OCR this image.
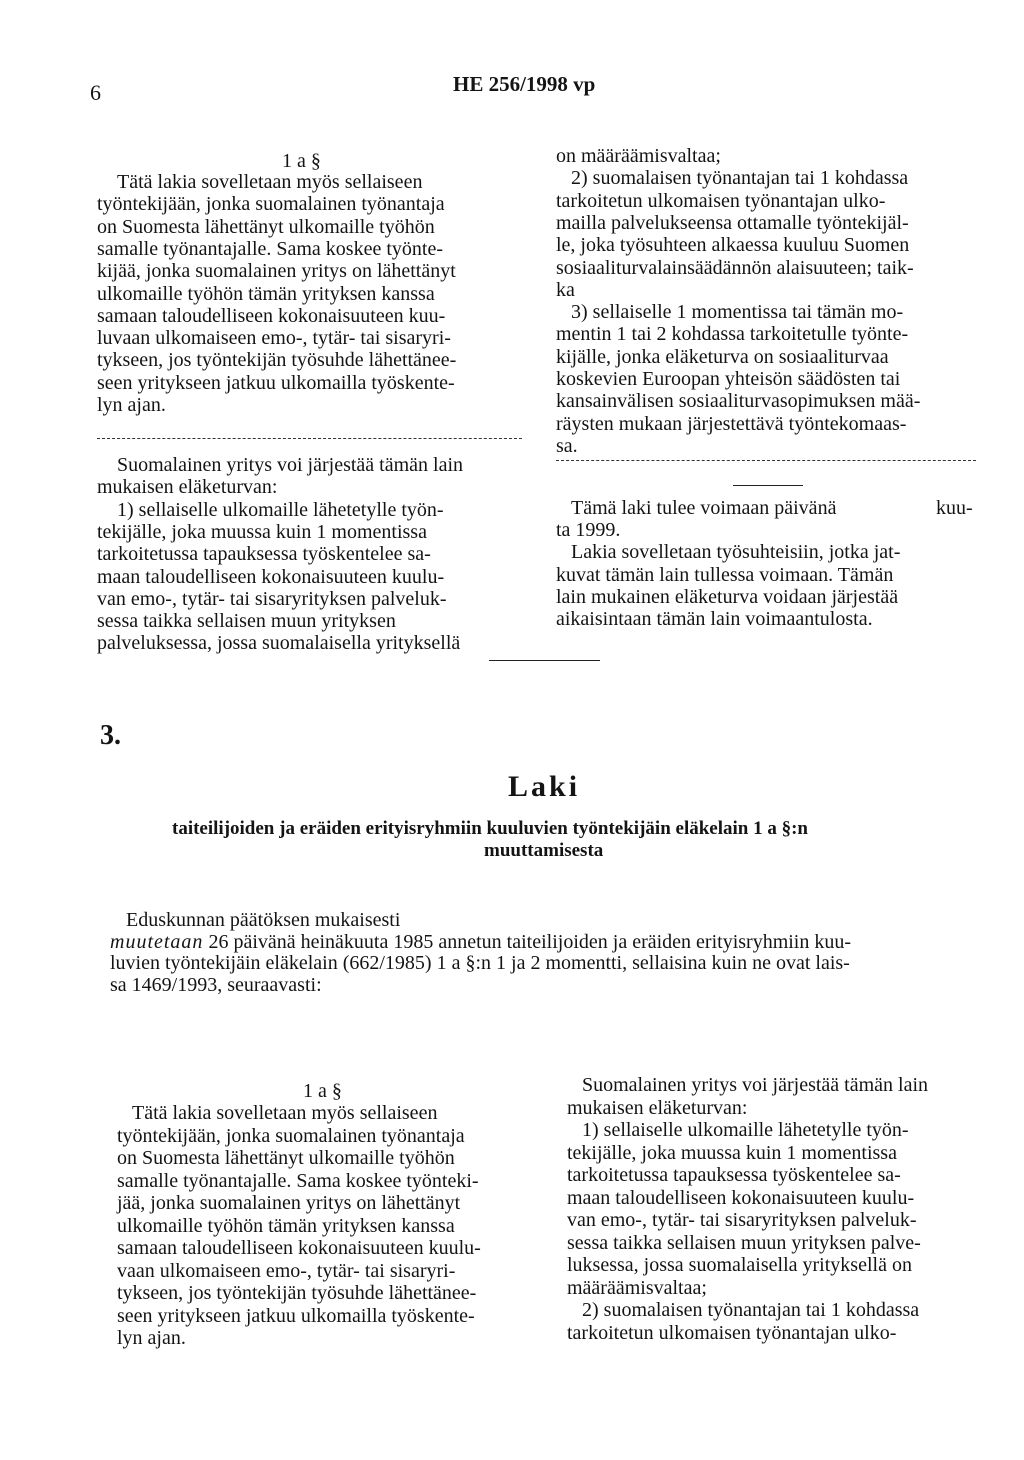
6	HE 256/1998 vp
1 a §
Tätä lakia sovelletaan myös sellaiseen
työntekijään, jonka suomalainen työnantaja
on Suomesta lähettänyt ulkomaille työhön
samalle työnantajalle. Sama koskee työnte-
kijää, jonka suomalainen yritys on lähettänyt
ulkomaille työhön tämän yrityksen kanssa
samaan taloudelliseen kokonaisuuteen kuu-
luvaan ulkomaiseen emo-, tytär- tai sisaryri-
tykseen, jos työntekijän työsuhde lähettänee-
seen yritykseen jatkuu ulkomailla työskente-
lyn ajan.
Suomalainen yritys voi järjestää tämän lain
mukaisen eläketurvan:
1) sellaiselle ulkomaille lähetetylle työn-
tekijälle, joka muussa kuin 1 momentissa
tarkoitetussa tapauksessa työskentelee sa-
maan taloudelliseen kokonaisuuteen kuulu-
van emo-, tytär- tai sisaryrityksen palveluk-
sessa taikka sellaisen muun yrityksen
palveluksessa, jossa suomalaisella yrityksellä
on määräämisvaltaa;
2) suomalaisen työnantajan tai 1 kohdassa
tarkoitetun ulkomaisen työnantajan ulko-
mailla palvelukseensa ottamalle työntekijäl-
le, joka työsuhteen alkaessa kuuluu Suomen
sosiaaliturvalainsäädännön alaisuuteen; taik-
ka
3) sellaiselle 1 momentissa tai tämän mo-
mentin 1 tai 2 kohdassa tarkoitetulle työnte-
kijälle, jonka eläketurva on sosiaaliturvaa
koskevien Euroopan yhteisön säädösten tai
kansainvälisen sosiaaliturvasopimuksen mää-
räysten mukaan järjestettävä työntekomaas-
sa.
Tämä laki tulee voimaan päivänä	kuu-
ta 1999.
Lakia sovelletaan työsuhteisiin, jotka jat-
kuvat tämän lain tullessa voimaan. Tämän
lain mukainen eläketurva voidaan järjestää
aikaisintaan tämän lain voimaantulosta.
3.
Laki
taiteilijoiden ja eräiden erityisryhmiin kuuluvien työntekijäin eläkelain 1 a §:n
muuttamisesta
Eduskunnan päätöksen mukaisesti
muutetaan 26 päivänä heinäkuuta 1985 annetun taiteilijoiden ja eräiden erityisryhmiin kuu-
luvien työntekijäin eläkelain (662/1985) 1 a §:n 1 ja 2 momentti, sellaisina kuin ne ovat lais-
sa 1469/1993, seuraavasti:
1 a §
Tätä lakia sovelletaan myös sellaiseen
työntekijään, jonka suomalainen työnantaja
on Suomesta lähettänyt ulkomaille työhön
samalle työnantajalle. Sama koskee työnteki-
jää, jonka suomalainen yritys on lähettänyt
ulkomaille työhön tämän yrityksen kanssa
samaan taloudelliseen kokonaisuuteen kuulu-
vaan ulkomaiseen emo-, tytär- tai sisaryri-
tykseen, jos työntekijän työsuhde lähettänee-
seen yritykseen jatkuu ulkomailla työskente-
lyn ajan.
Suomalainen yritys voi järjestää tämän lain
mukaisen eläketurvan:
1) sellaiselle ulkomaille lähetetylle työn-
tekijälle, joka muussa kuin 1 momentissa
tarkoitetussa tapauksessa työskentelee sa-
maan taloudelliseen kokonaisuuteen kuulu-
van emo-, tytär- tai sisaryrityksen palveluk-
sessa taikka sellaisen muun yrityksen palve-
luksessa, jossa suomalaisella yrityksellä on
määräämisvaltaa;
2) suomalaisen työnantajan tai 1 kohdassa
tarkoitetun ulkomaisen työnantajan ulko-
